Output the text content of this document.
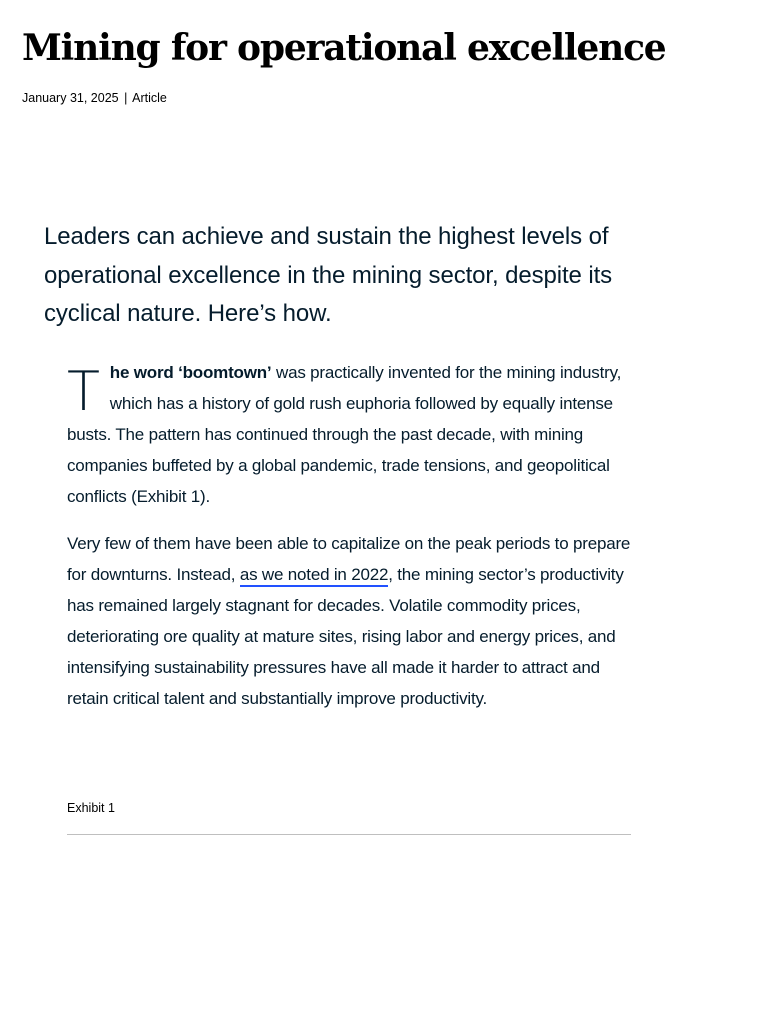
Mining for operational excellence
January 31, 2025 | Article

Leaders can achieve and sustain the highest levels of operational excellence in the mining sector, despite its cyclical nature. Here’s how.

The word ‘boomtown’ was practically invented for the mining industry, which has a history of gold rush euphoria followed by equally intense busts. The pattern has continued through the past decade, with mining companies buffeted by a global pandemic, trade tensions, and geopolitical conflicts (Exhibit 1).

Very few of them have been able to capitalize on the peak periods to prepare for downturns. Instead, as we noted in 2022, the mining sector’s productivity has remained largely stagnant for decades. Volatile commodity prices, deteriorating ore quality at mature sites, rising labor and energy prices, and intensifying sustainability pressures have all made it harder to attract and retain critical talent and substantially improve productivity.

Exhibit 1
